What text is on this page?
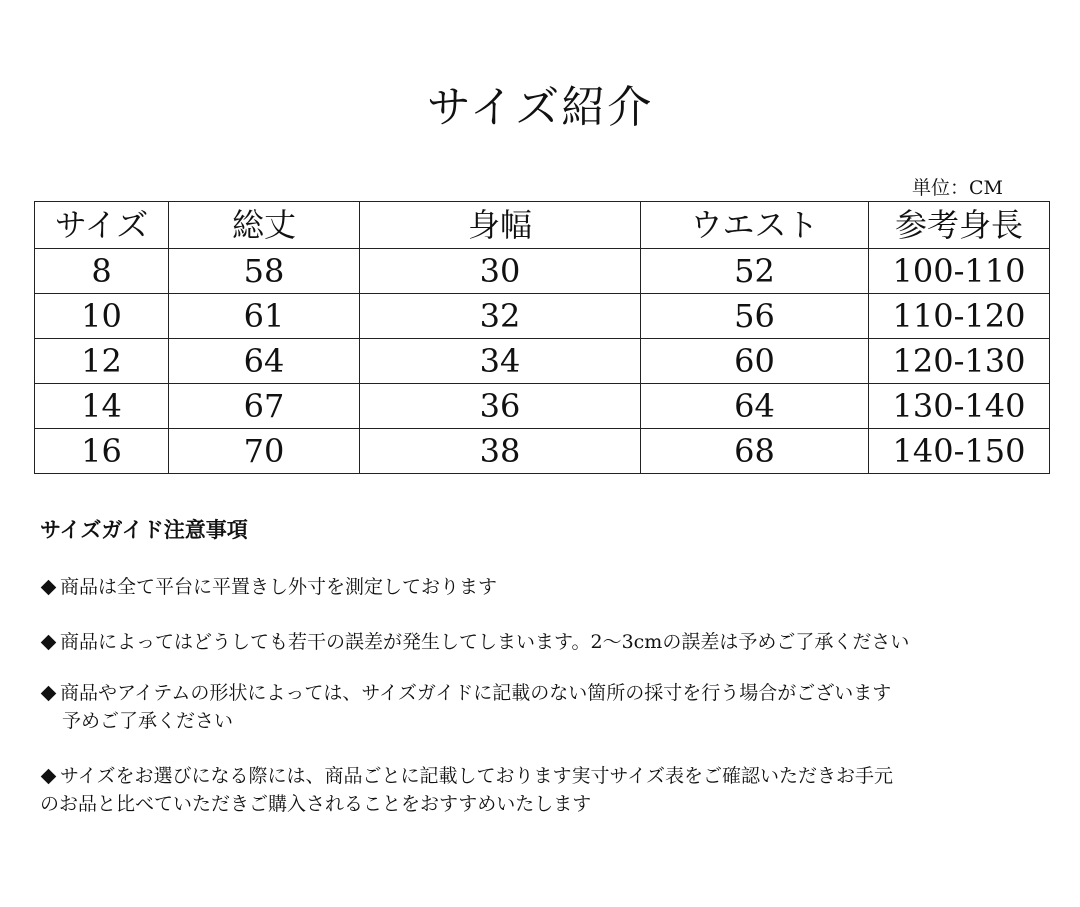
サイズ紹介
単位：CM
サイズ	総丈	身幅	ウエスト	参考身長
8	58	30	52	100-110
10	61	32	56	110-120
12	64	34	60	120-130
14	67	36	64	130-140
16	70	38	68	140-150
サイズガイド注意事項

商品は全て平台に平置きし外寸を測定しております

商品によってはどうしても若干の誤差が発生してしまいます。2〜3cmの誤差は予めご了承ください

商品やアイテムの形状によっては、サイズガイドに記載のない箇所の採寸を行う場合がございます
予めご了承ください

サイズをお選びになる際には、商品ごとに記載しております実寸サイズ表をご確認いただきお手元
のお品と比べていただきご購入されることをおすすめいたします
